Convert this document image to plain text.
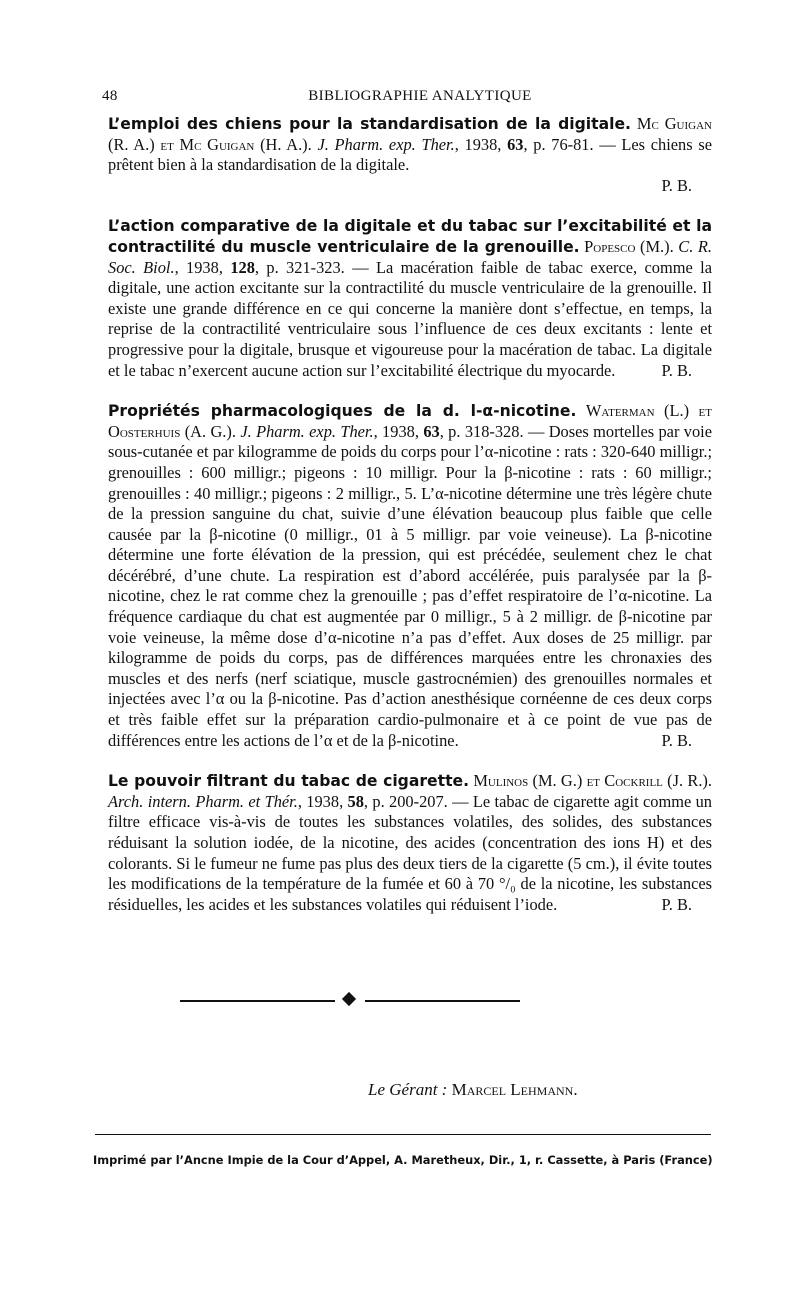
48	BIBLIOGRAPHIE ANALYTIQUE

L’emploi des chiens pour la standardisation de la digitale. Mc Guigan (R. A.) et Mc Guigan (H. A.). J. Pharm. exp. Ther., 1938, 63, p. 76-81. — Les chiens se prêtent bien à la standardisation de la digitale.

P. B.

L’action comparative de la digitale et du tabac sur l’excitabilité et la contractilité du muscle ventriculaire de la grenouille. Popesco (M.). C. R. Soc. Biol., 1938, 128, p. 321-323. — La macération faible de tabac exerce, comme la digitale, une action excitante sur la contractilité du muscle ventriculaire de la grenouille. Il existe une grande différence en ce qui concerne la manière dont s’effectue, en temps, la reprise de la contractilité ventriculaire sous l’influence de ces deux excitants : lente et progressive pour la digitale, brusque et vigoureuse pour la macération de tabac. La digitale et le tabac n’exercent aucune action sur l’excitabilité électrique du myocarde.	P. B.

Propriétés pharmacologiques de la d. l-α-nicotine. Waterman (L.) et Oosterhuis (A. G.). J. Pharm. exp. Ther., 1938, 63, p. 318-328. — Doses mortelles par voie sous-cutanée et par kilogramme de poids du corps pour l’α-nicotine : rats : 320-640 milligr.; grenouilles : 600 milligr.; pigeons : 10 milligr. Pour la β-nicotine : rats : 60 milligr.; grenouilles : 40 milligr.; pigeons : 2 milligr., 5. L’α-nicotine détermine une très légère chute de la pression sanguine du chat, suivie d’une élévation beaucoup plus faible que celle causée par la β-nicotine (0 milligr., 01 à 5 milligr. par voie veineuse). La β-nicotine détermine une forte élévation de la pression, qui est précédée, seulement chez le chat décérébré, d’une chute. La respiration est d’abord accélérée, puis paralysée par la β-nicotine, chez le rat comme chez la grenouille ; pas d’effet respiratoire de l’α-nicotine. La fréquence cardiaque du chat est augmentée par 0 milligr., 5 à 2 milligr. de β-nicotine par voie veineuse, la même dose d’α-nicotine n’a pas d’effet. Aux doses de 25 milligr. par kilogramme de poids du corps, pas de différences marquées entre les chronaxies des muscles et des nerfs (nerf sciatique, muscle gastrocnémien) des grenouilles normales et injectées avec l’α ou la β-nicotine. Pas d’action anesthésique cornéenne de ces deux corps et très faible effet sur la préparation cardio-pulmonaire et à ce point de vue pas de différences entre les actions de l’α et de la β-nicotine.	P. B.

Le pouvoir filtrant du tabac de cigarette. Mulinos (M. G.) et Cockrill (J. R.). Arch. intern. Pharm. et Thér., 1938, 58, p. 200-207. — Le tabac de cigarette agit comme un filtre efficace vis-à-vis de toutes les substances volatiles, des solides, des substances réduisant la solution iodée, de la nicotine, des acides (concentration des ions H) et des colorants. Si le fumeur ne fume pas plus des deux tiers de la cigarette (5 cm.), il évite toutes les modifications de la température de la fumée et 60 à 70 °/₀ de la nicotine, les substances résiduelles, les acides et les substances volatiles qui réduisent l’iode.	P. B.

Le Gérant : Marcel Lehmann.
Imprimé par l’Ancne Impie de la Cour d’Appel, A. Maretheux, Dir., 1, r. Cassette, à Paris (France)
